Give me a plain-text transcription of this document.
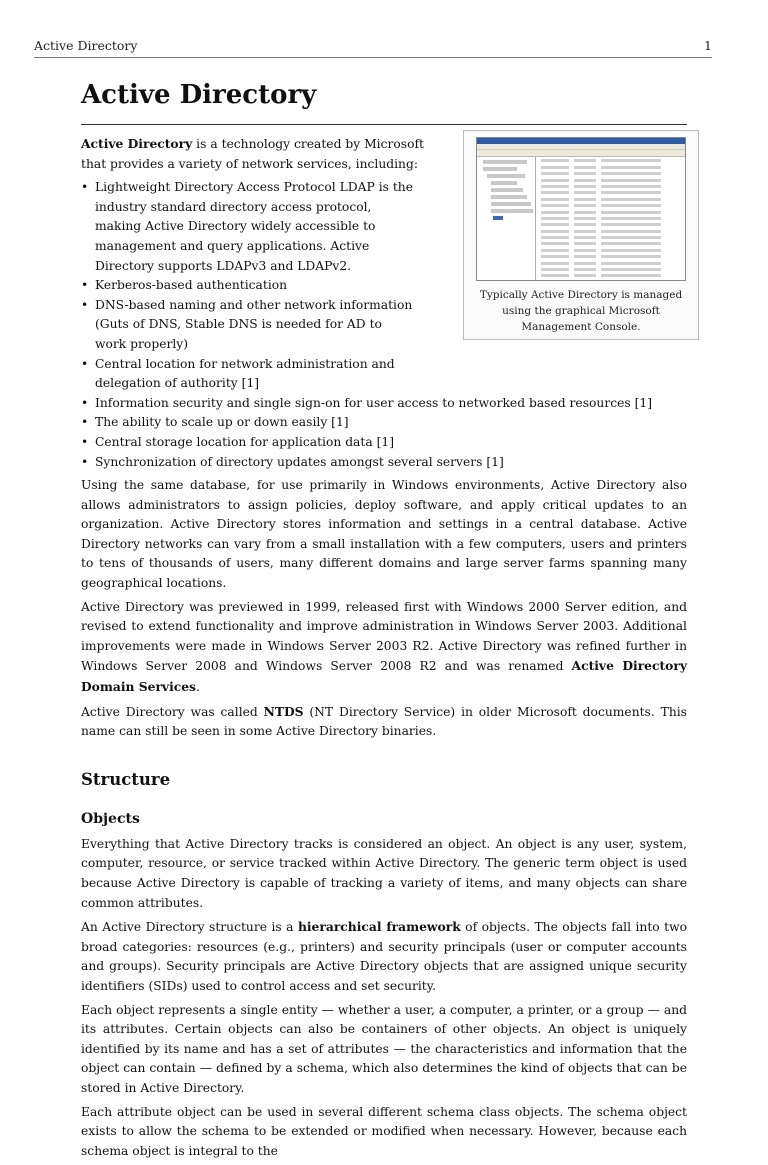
Active Directory	1
Active Directory
Typically Active Directory is managed using the graphical Microsoft Management Console.

Active Directory is a technology created by Microsoft that provides a variety of network services, including:

• Lightweight Directory Access Protocol LDAP is the industry standard directory access protocol, making Active Directory widely accessible to management and query applications. Active Directory supports LDAPv3 and LDAPv2.
• Kerberos-based authentication
• DNS-based naming and other network information (Guts of DNS, Stable DNS is needed for AD to work properly)
• Central location for network administration and delegation of authority [1]
• Information security and single sign-on for user access to networked based resources [1]
• The ability to scale up or down easily [1]
• Central storage location for application data [1]
• Synchronization of directory updates amongst several servers [1]

Using the same database, for use primarily in Windows environments, Active Directory also allows administrators to assign policies, deploy software, and apply critical updates to an organization. Active Directory stores information and settings in a central database. Active Directory networks can vary from a small installation with a few computers, users and printers to tens of thousands of users, many different domains and large server farms spanning many geographical locations.

Active Directory was previewed in 1999, released first with Windows 2000 Server edition, and revised to extend functionality and improve administration in Windows Server 2003. Additional improvements were made in Windows Server 2003 R2. Active Directory was refined further in Windows Server 2008 and Windows Server 2008 R2 and was renamed Active Directory Domain Services.

Active Directory was called NTDS (NT Directory Service) in older Microsoft documents. This name can still be seen in some Active Directory binaries.

Structure
Objects

Everything that Active Directory tracks is considered an object. An object is any user, system, computer, resource, or service tracked within Active Directory. The generic term object is used because Active Directory is capable of tracking a variety of items, and many objects can share common attributes.

An Active Directory structure is a hierarchical framework of objects. The objects fall into two broad categories: resources (e.g., printers) and security principals (user or computer accounts and groups). Security principals are Active Directory objects that are assigned unique security identifiers (SIDs) used to control access and set security.

Each object represents a single entity — whether a user, a computer, a printer, or a group — and its attributes. Certain objects can also be containers of other objects. An object is uniquely identified by its name and has a set of attributes — the characteristics and information that the object can contain — defined by a schema, which also determines the kind of objects that can be stored in Active Directory.

Each attribute object can be used in several different schema class objects. The schema object exists to allow the schema to be extended or modified when necessary. However, because each schema object is integral to the
